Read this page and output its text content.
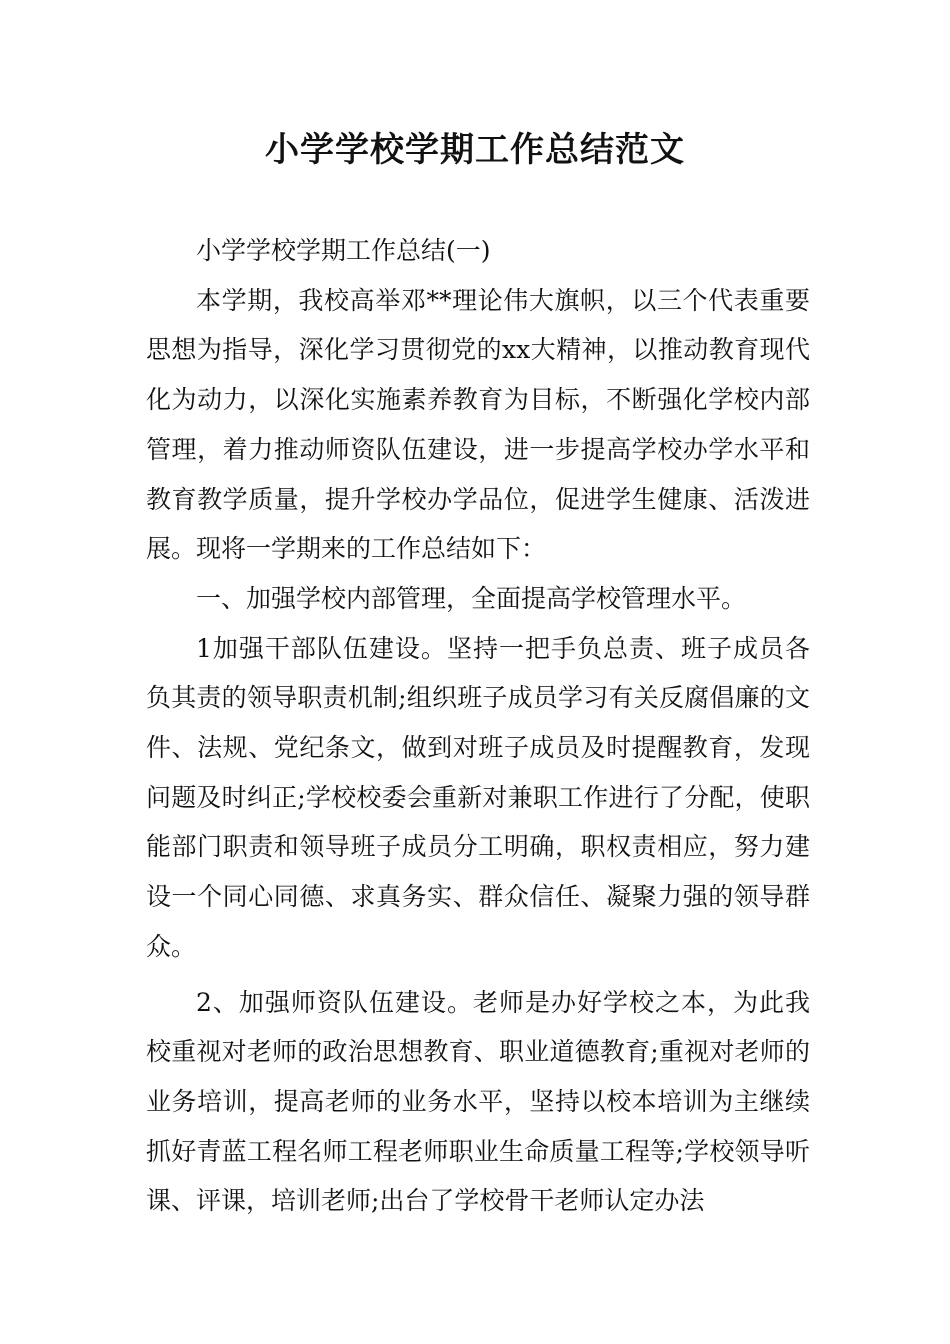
小学学校学期工作总结范文

小学学校学期工作总结(一)

本学期，我校高举邓**理论伟大旗帜，以三个代表重要思想为指导，深化学习贯彻党的xx大精神，以推动教育现代化为动力，以深化实施素养教育为目标，不断强化学校内部管理，着力推动师资队伍建设，进一步提高学校办学水平和教育教学质量，提升学校办学品位，促进学生健康、活泼进展。现将一学期来的工作总结如下：

一、加强学校内部管理，全面提高学校管理水平。

1加强干部队伍建设。坚持一把手负总责、班子成员各负其责的领导职责机制;组织班子成员学习有关反腐倡廉的文件、法规、党纪条文，做到对班子成员及时提醒教育，发现问题及时纠正;学校校委会重新对兼职工作进行了分配，使职能部门职责和领导班子成员分工明确，职权责相应，努力建设一个同心同德、求真务实、群众信任、凝聚力强的领导群众。

2、加强师资队伍建设。老师是办好学校之本，为此我校重视对老师的政治思想教育、职业道德教育;重视对老师的业务培训，提高老师的业务水平，坚持以校本培训为主继续抓好青蓝工程名师工程老师职业生命质量工程等;学校领导听课、评课，培训老师;出台了学校骨干老师认定办法
